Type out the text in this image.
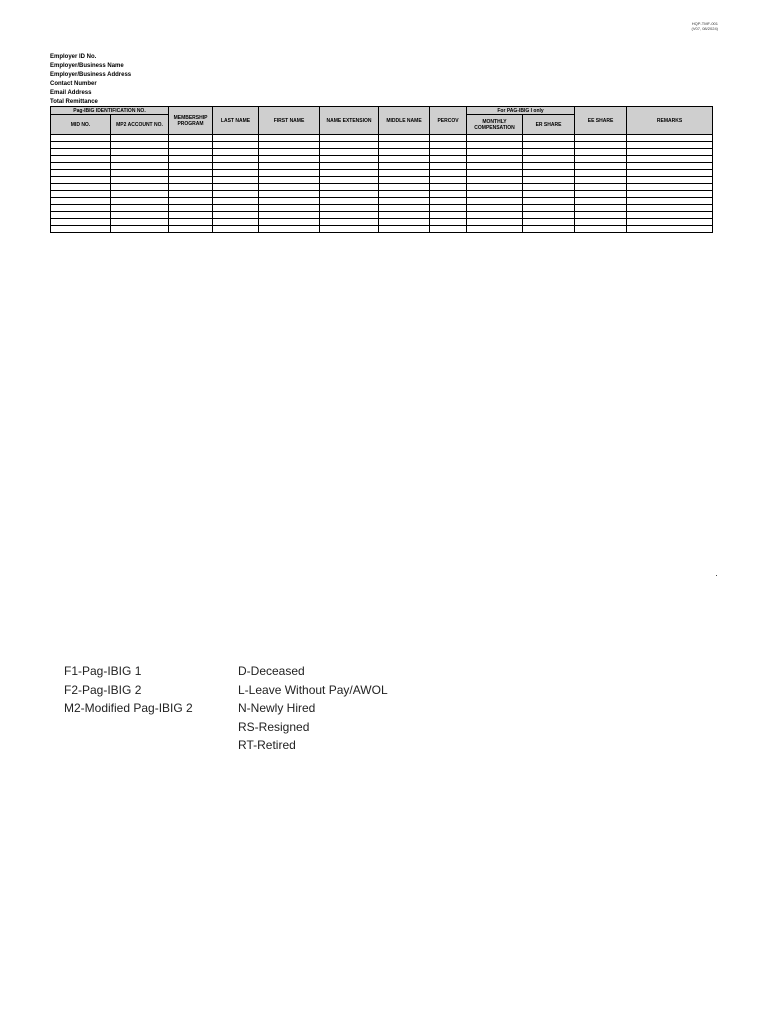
HQP-TMF-001
(V07, 08/2024)
Employer ID No.
Employer/Business Name
Employer/Business Address
Contact Number
Email Address
Total Remittance
Pag-IBIG IDENTIFICATION NO.		MEMBERSHIP PROGRAM	LAST NAME	FIRST NAME	NAME EXTENSION	MIDDLE NAME	PERCOV	For PAG-IBIG I only		EE SHARE	REMARKS
MID NO.	MP2 ACCOUNT NO.							MONTHLY COMPENSATION	ER SHARE		

F1-Pag-IBIG 1
F2-Pag-IBIG 2
M2-Modified Pag-IBIG 2
D-Deceased
L-Leave Without Pay/AWOL
N-Newly Hired
RS-Resigned
RT-Retired
